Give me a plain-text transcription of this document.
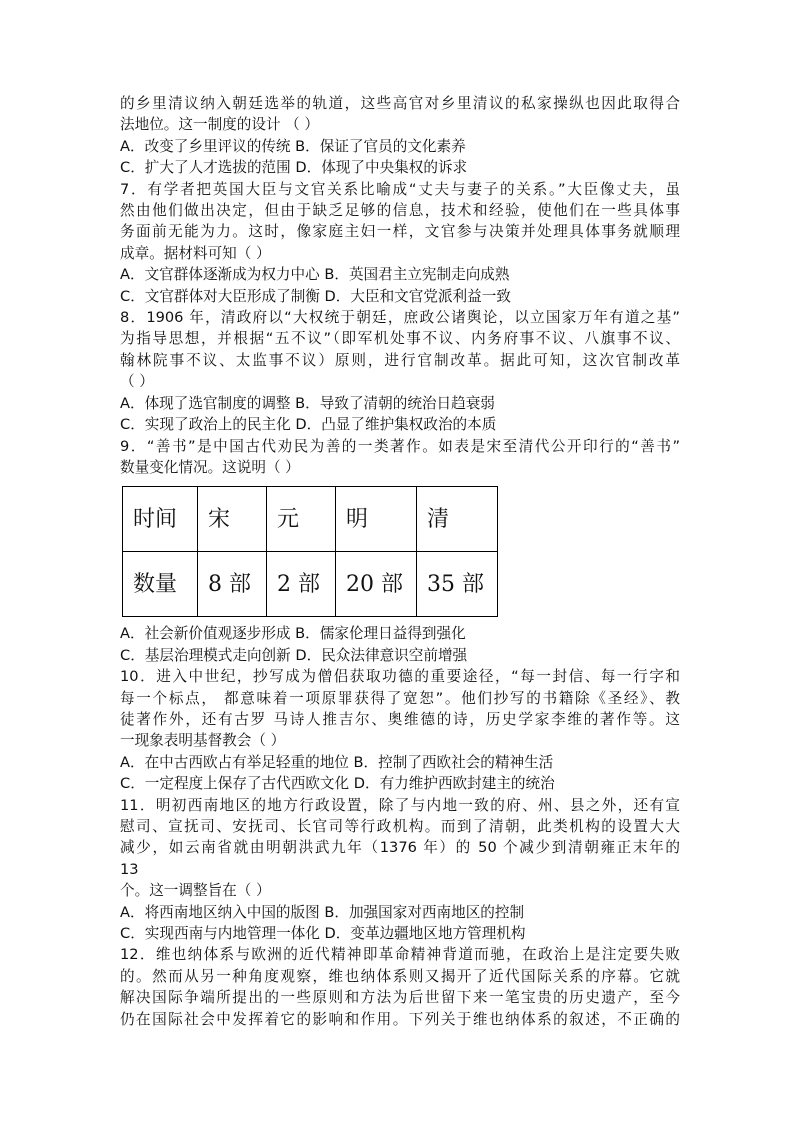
的乡里清议纳入朝廷选举的轨道，这些高官对乡里清议的私家操纵也因此取得合
法地位。这一制度的设计 （ ）
A．改变了乡里评议的传统 B．保证了官员的文化素养
C．扩大了人才选拔的范围 D．体现了中央集权的诉求
7．有学者把英国大臣与文官关系比喻成“丈夫与妻子的关系。”大臣像丈夫，虽
然由他们做出决定，但由于缺乏足够的信息，技术和经验，使他们在一些具体事
务面前无能为力。这时，像家庭主妇一样，文官参与决策并处理具体事务就顺理
成章。据材料可知（ ）
A．文官群体逐渐成为权力中心 B．英国君主立宪制走向成熟
C．文官群体对大臣形成了制衡 D．大臣和文官党派利益一致
8．1906 年，清政府以“大权统于朝廷，庶政公诸舆论，以立国家万年有道之基”
为指导思想，并根据“五不议”（即军机处事不议、内务府事不议、八旗事不议、
翰林院事不议、太监事不议）原则，进行官制改革。据此可知，这次官制改革
（ ）
A．体现了选官制度的调整 B．导致了清朝的统治日趋衰弱
C．实现了政治上的民主化 D．凸显了维护集权政治的本质
9．“善书”是中国古代劝民为善的一类著作。如表是宋至清代公开印行的“善书”
数量变化情况。这说明（ ）
时间	宋	元	明	清
数量	8 部	2 部	20 部	35 部
A．社会新价值观逐步形成 B．儒家伦理日益得到强化
C．基层治理模式走向创新 D．民众法律意识空前增强
10．进入中世纪，抄写成为僧侣获取功德的重要途径，“每一封信、每一行字和
每一个标点， 都意味着一项原罪获得了宽恕”。他们抄写的书籍除《圣经》、教
徒著作外，还有古罗 马诗人推吉尔、奥维德的诗，历史学家李维的著作等。这
一现象表明基督教会（ ）
A．在中古西欧占有举足轻重的地位 B．控制了西欧社会的精神生活
C．一定程度上保存了古代西欧文化 D．有力维护西欧封建主的统治
11．明初西南地区的地方行政设置，除了与内地一致的府、州、县之外，还有宣
慰司、宣抚司、安抚司、长官司等行政机构。而到了清朝，此类机构的设置大大
减少，如云南省就由明朝洪武九年（1376 年）的 50 个减少到清朝雍正末年的
13
个。这一调整旨在（ ）
A．将西南地区纳入中国的版图 B．加强国家对西南地区的控制
C．实现西南与内地管理一体化 D．变革边疆地区地方管理机构
12．维也纳体系与欧洲的近代精神即革命精神背道而驰，在政治上是注定要失败
的。然而从另一种角度观察，维也纳体系则又揭开了近代国际关系的序幕。它就
解决国际争端所提出的一些原则和方法为后世留下来一笔宝贵的历史遗产，至今
仍在国际社会中发挥着它的影响和作用。下列关于维也纳体系的叙述，不正确的
